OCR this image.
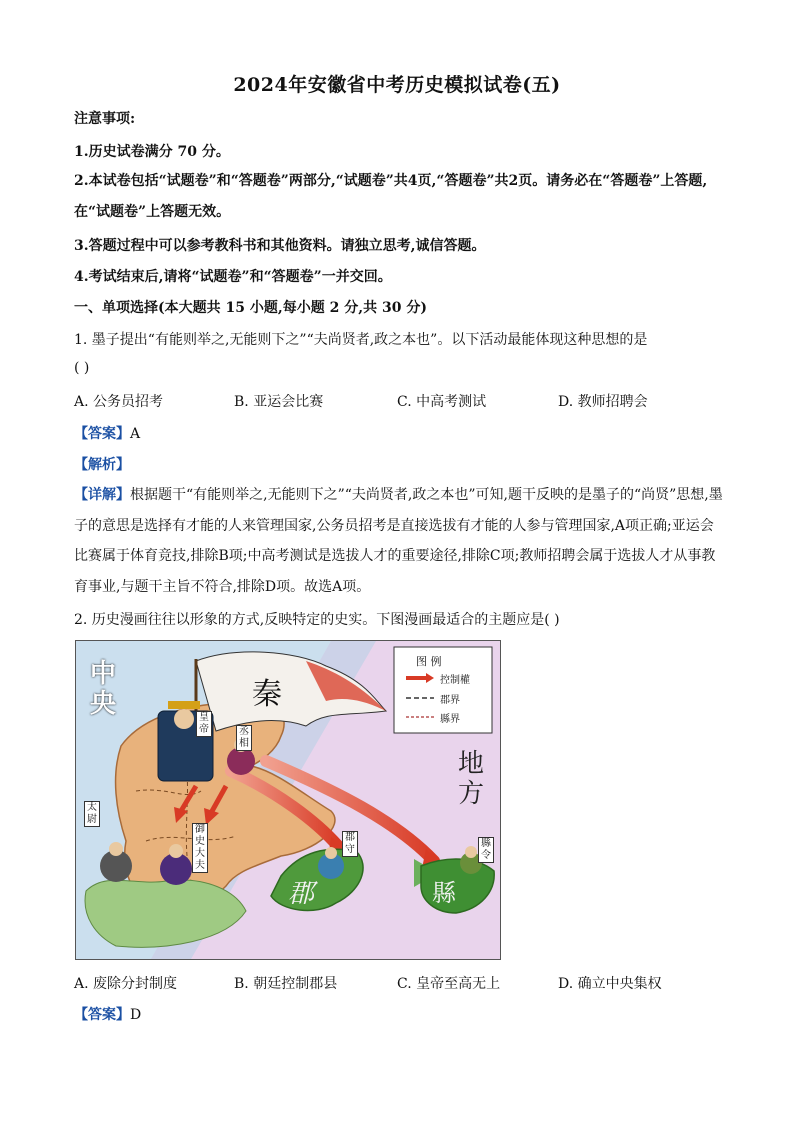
2024年安徽省中考历史模拟试卷(五)
注意事项:
1.历史试卷满分 70 分。
2.本试卷包括“试题卷”和“答题卷”两部分,“试题卷”共4页,“答题卷”共2页。请务必在“答题卷”上答题,在“试题卷”上答题无效。
3.答题过程中可以参考教科书和其他资料。请独立思考,诚信答题。
4.考试结束后,请将“试题卷”和“答题卷”一并交回。
一、单项选择(本大题共 15 小题,每小题 2 分,共 30 分)
1. 墨子提出“有能则举之,无能则下之”“夫尚贤者,政之本也”。以下活动最能体现这种思想的是
( )
A. 公务员招考	B. 亚运会比赛	C. 中高考测试	D. 教师招聘会
【答案】A
【解析】
【详解】根据题干“有能则举之,无能则下之”“夫尚贤者,政之本也”可知,题干反映的是墨子的“尚贤”思想,墨子的意思是选择有才能的人来管理国家,公务员招考是直接选拔有才能的人参与管理国家,A项正确;亚运会比赛属于体育竞技,排除B项;中高考测试是选拔人才的重要途径,排除C项;教师招聘会属于选拔人才从事教育事业,与题干主旨不符合,排除D项。故选A项。
2. 历史漫画往往以形象的方式,反映特定的史实。下图漫画最适合的主题应是( )
中央
地方
秦
图 例
控制權
郡界
縣界
皇帝	丞相
太尉
御史大夫
郡守
縣令
郡	縣
A. 废除分封制度	B. 朝廷控制郡县	C. 皇帝至高无上	D. 确立中央集权
【答案】D
